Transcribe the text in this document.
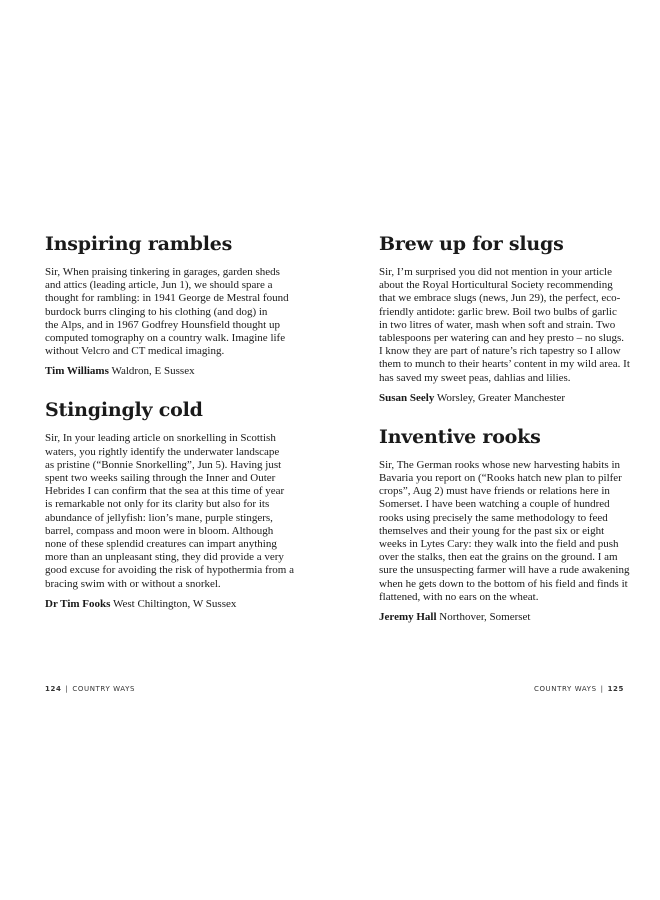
Inspiring rambles

Sir, When praising tinkering in garages, garden sheds
and attics (leading article, Jun 1), we should spare a
thought for rambling: in 1941 George de Mestral found
burdock burrs clinging to his clothing (and dog) in
the Alps, and in 1967 Godfrey Hounsfield thought up
computed tomography on a country walk. Imagine life
without Velcro and CT medical imaging.

Tim Williams Waldron, E Sussex
Stingingly cold

Sir, In your leading article on snorkelling in Scottish
waters, you rightly identify the underwater landscape
as pristine (“Bonnie Snorkelling”, Jun 5). Having just
spent two weeks sailing through the Inner and Outer
Hebrides I can confirm that the sea at this time of year
is remarkable not only for its clarity but also for its
abundance of jellyfish: lion’s mane, purple stingers,
barrel, compass and moon were in bloom. Although
none of these splendid creatures can impart anything
more than an unpleasant sting, they did provide a very
good excuse for avoiding the risk of hypothermia from a
bracing swim with or without a snorkel.

Dr Tim Fooks West Chiltington, W Sussex
Brew up for slugs

Sir, I’m surprised you did not mention in your article
about the Royal Horticultural Society recommending
that we embrace slugs (news, Jun 29), the perfect, eco-
friendly antidote: garlic brew. Boil two bulbs of garlic
in two litres of water, mash when soft and strain. Two
tablespoons per watering can and hey presto – no slugs.
I know they are part of nature’s rich tapestry so I allow
them to munch to their hearts’ content in my wild area. It
has saved my sweet peas, dahlias and lilies.

Susan Seely Worsley, Greater Manchester
Inventive rooks

Sir, The German rooks whose new harvesting habits in
Bavaria you report on (“Rooks hatch new plan to pilfer
crops”, Aug 2) must have friends or relations here in
Somerset. I have been watching a couple of hundred
rooks using precisely the same methodology to feed
themselves and their young for the past six or eight
weeks in Lytes Cary: they walk into the field and push
over the stalks, then eat the grains on the ground. I am
sure the unsuspecting farmer will have a rude awakening
when he gets down to the bottom of his field and finds it
flattened, with no ears on the wheat.

Jeremy Hall Northover, Somerset
124 | COUNTRY WAYS	COUNTRY WAYS | 125
